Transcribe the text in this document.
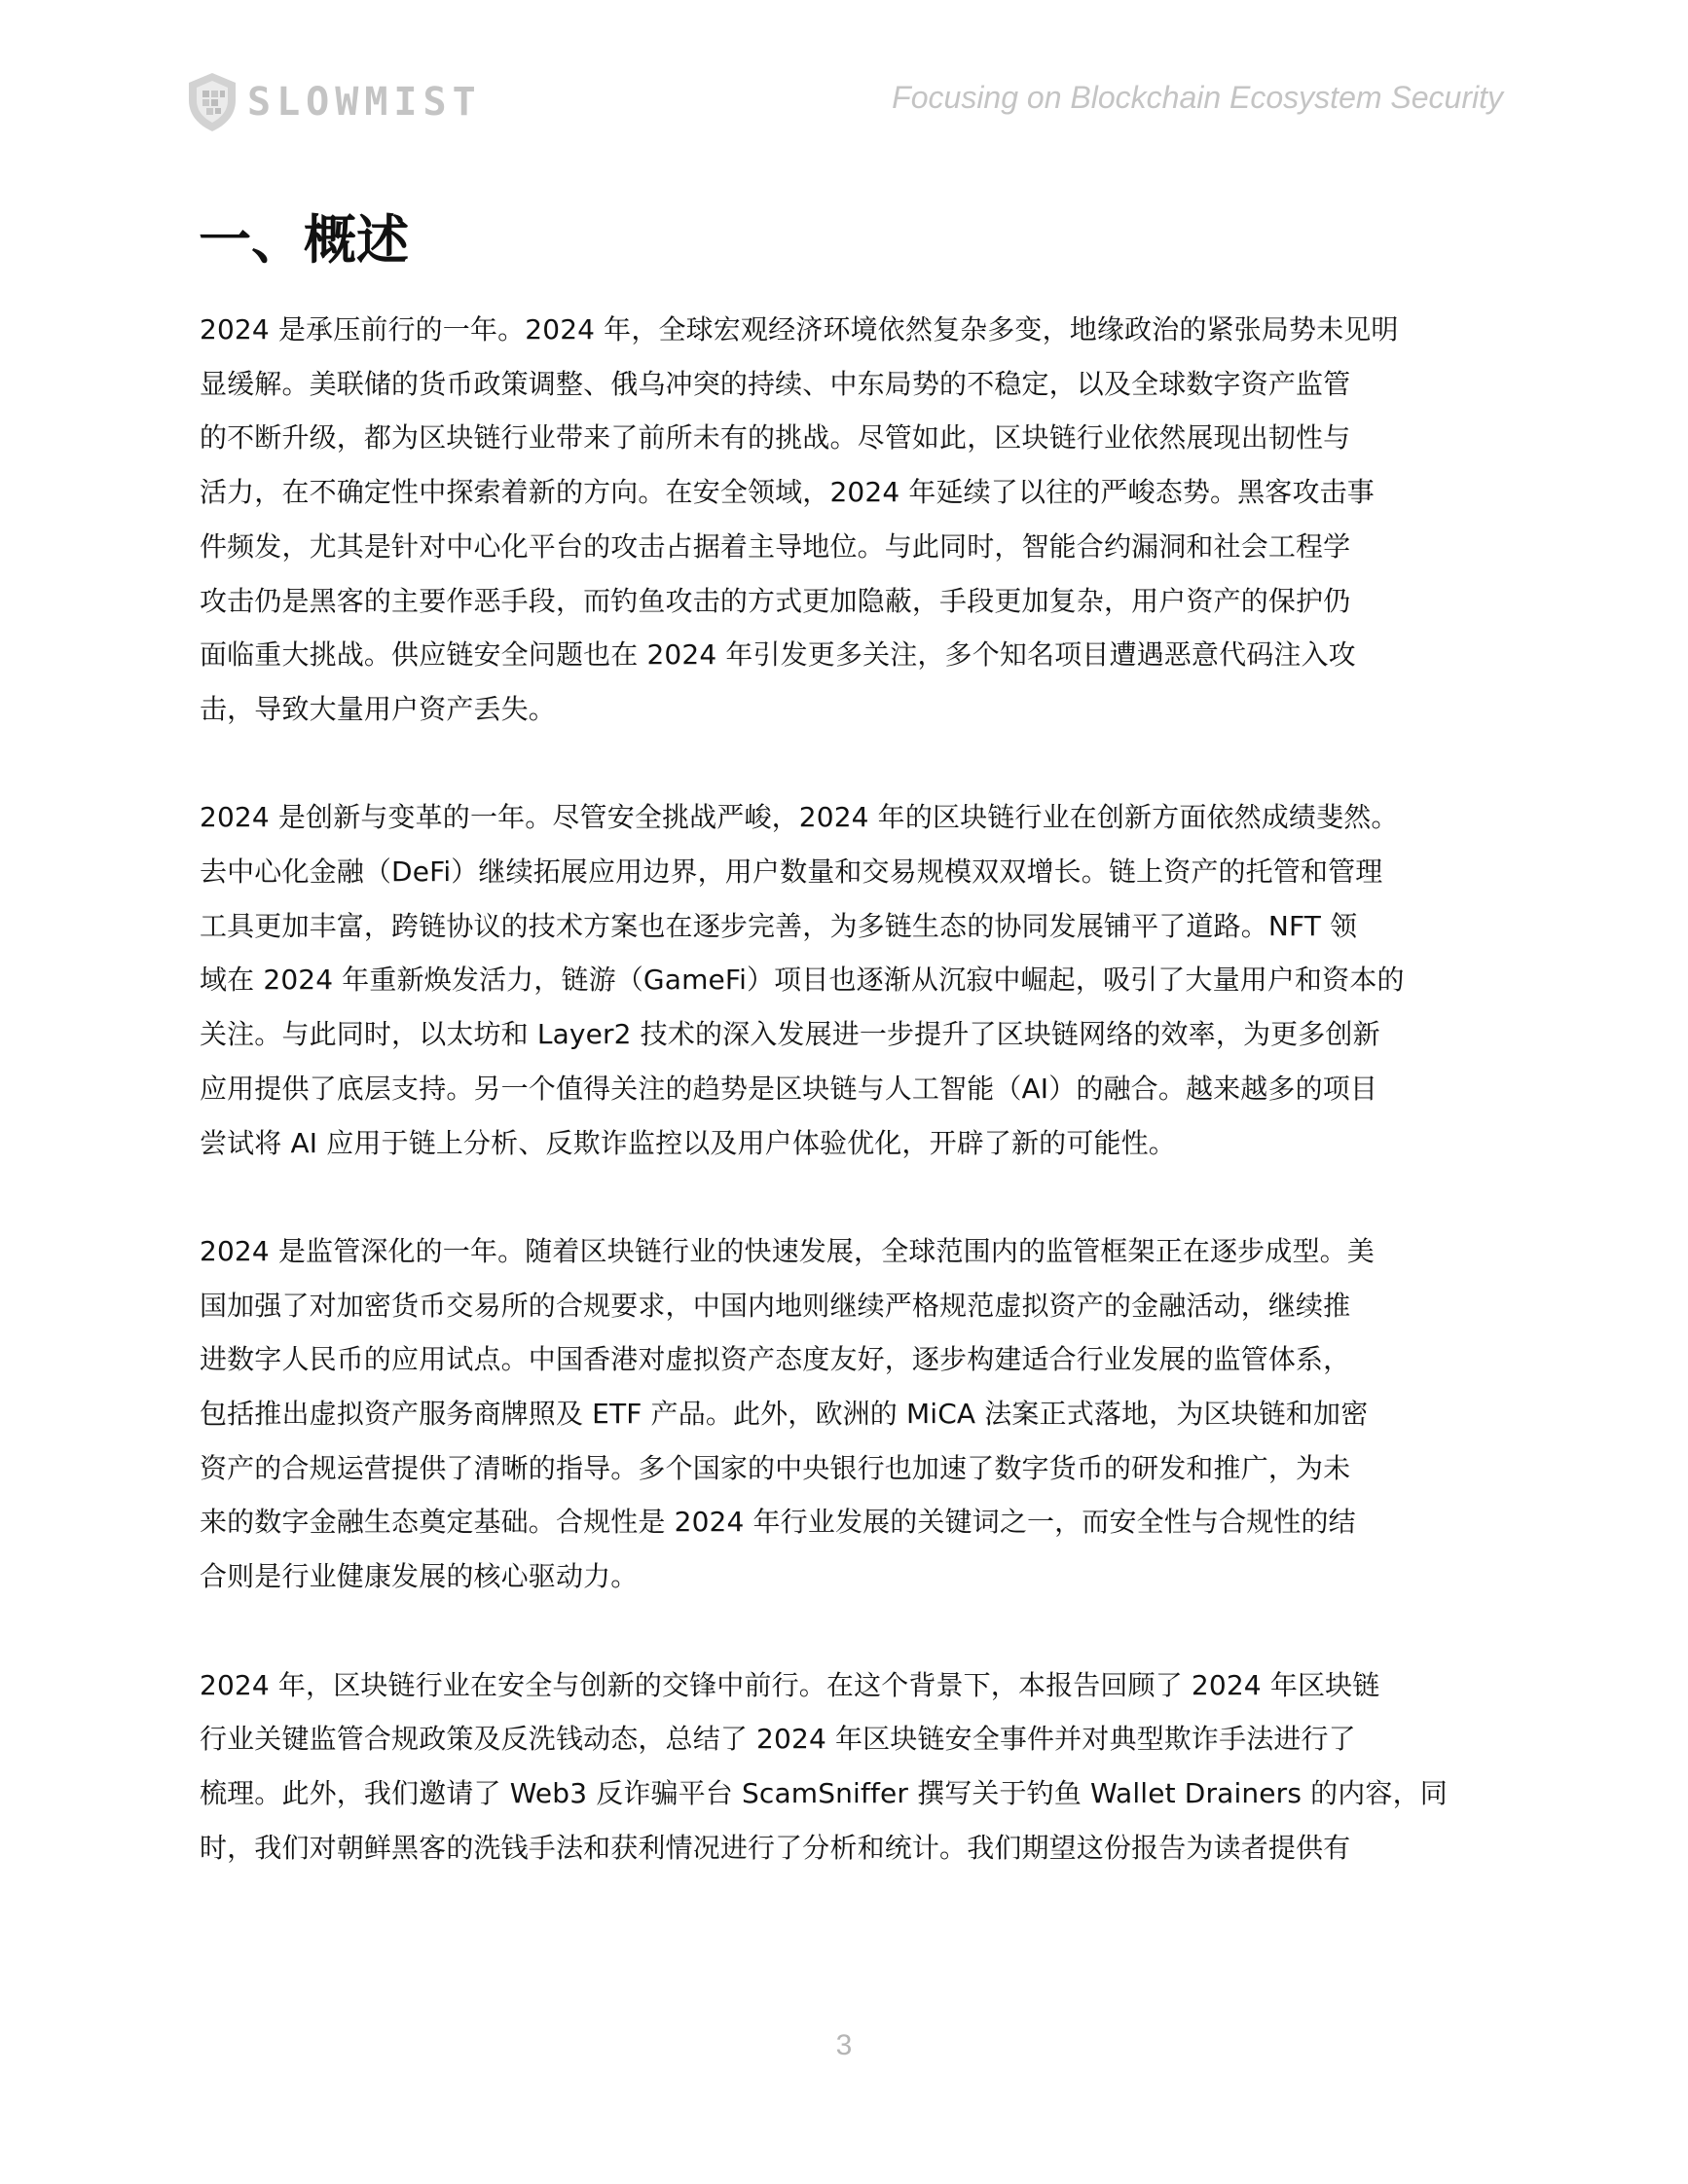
SLOWMIST	Focusing on Blockchain Ecosystem Security
一、概述
2024 是承压前行的一年。2024 年，全球宏观经济环境依然复杂多变，地缘政治的紧张局势未见明
显缓解。美联储的货币政策调整、俄乌冲突的持续、中东局势的不稳定，以及全球数字资产监管
的不断升级，都为区块链行业带来了前所未有的挑战。尽管如此，区块链行业依然展现出韧性与
活力，在不确定性中探索着新的方向。在安全领域，2024 年延续了以往的严峻态势。黑客攻击事
件频发，尤其是针对中心化平台的攻击占据着主导地位。与此同时，智能合约漏洞和社会工程学
攻击仍是黑客的主要作恶手段，而钓鱼攻击的方式更加隐蔽，手段更加复杂，用户资产的保护仍
面临重大挑战。供应链安全问题也在 2024 年引发更多关注，多个知名项目遭遇恶意代码注入攻
击，导致大量用户资产丢失。
2024 是创新与变革的一年。尽管安全挑战严峻，2024 年的区块链行业在创新方面依然成绩斐然。
去中心化金融（DeFi）继续拓展应用边界，用户数量和交易规模双双增长。链上资产的托管和管理
工具更加丰富，跨链协议的技术方案也在逐步完善，为多链生态的协同发展铺平了道路。NFT 领
域在 2024 年重新焕发活力，链游（GameFi）项目也逐渐从沉寂中崛起，吸引了大量用户和资本的
关注。与此同时，以太坊和 Layer2 技术的深入发展进一步提升了区块链网络的效率，为更多创新
应用提供了底层支持。另一个值得关注的趋势是区块链与人工智能（AI）的融合。越来越多的项目
尝试将 AI 应用于链上分析、反欺诈监控以及用户体验优化，开辟了新的可能性。
2024 是监管深化的一年。随着区块链行业的快速发展，全球范围内的监管框架正在逐步成型。美
国加强了对加密货币交易所的合规要求，中国内地则继续严格规范虚拟资产的金融活动，继续推
进数字人民币的应用试点。中国香港对虚拟资产态度友好，逐步构建适合行业发展的监管体系，
包括推出虚拟资产服务商牌照及 ETF 产品。此外，欧洲的 MiCA 法案正式落地，为区块链和加密
资产的合规运营提供了清晰的指导。多个国家的中央银行也加速了数字货币的研发和推广，为未
来的数字金融生态奠定基础。合规性是 2024 年行业发展的关键词之一，而安全性与合规性的结
合则是行业健康发展的核心驱动力。
2024 年，区块链行业在安全与创新的交锋中前行。在这个背景下，本报告回顾了 2024 年区块链
行业关键监管合规政策及反洗钱动态，总结了 2024 年区块链安全事件并对典型欺诈手法进行了
梳理。此外，我们邀请了 Web3 反诈骗平台 ScamSniffer 撰写关于钓鱼 Wallet Drainers 的内容，同
时，我们对朝鲜黑客的洗钱手法和获利情况进行了分析和统计。我们期望这份报告为读者提供有
3
